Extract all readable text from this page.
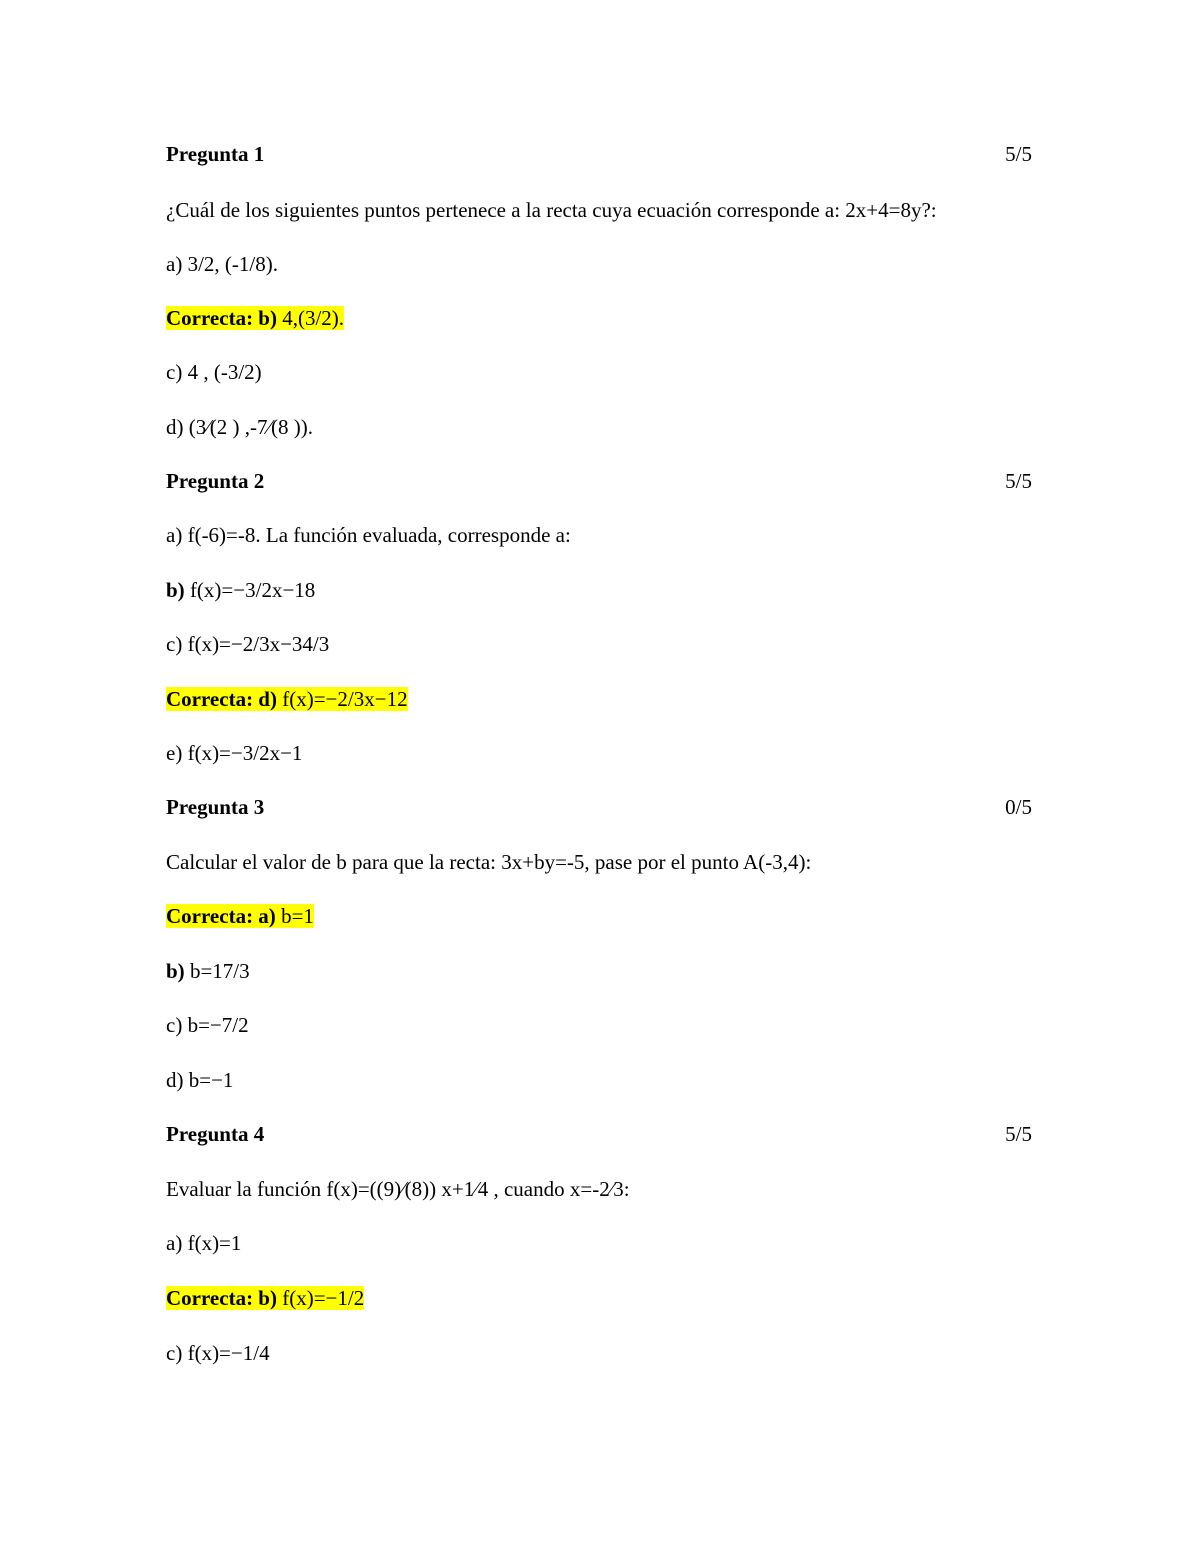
Pregunta 1	5/5
¿Cuál de los siguientes puntos pertenece a la recta cuya ecuación corresponde a: 2x+4=8y?:
a) 3/2, (-1/8).
Correcta: b) 4,(3/2).
c) 4 , (-3/2)
d) (3⁄(2 ) ,-7⁄(8 )).
Pregunta 2	5/5
a) f(-6)=-8. La función evaluada, corresponde a:
b) f(x)=−3/2x−18
c) f(x)=−2/3x−34/3
Correcta: d) f(x)=−2/3x−12
e) f(x)=−3/2x−1
Pregunta 3	0/5
Calcular el valor de b para que la recta: 3x+by=-5, pase por el punto A(-3,4):
Correcta: a) b=1
b) b=17/3
c) b=−7/2
d) b=−1
Pregunta 4	5/5
Evaluar la función f(x)=((9)⁄(8)) x+1⁄4 , cuando x=-2⁄3:
a) f(x)=1
Correcta: b) f(x)=−1/2
c) f(x)=−1/4
